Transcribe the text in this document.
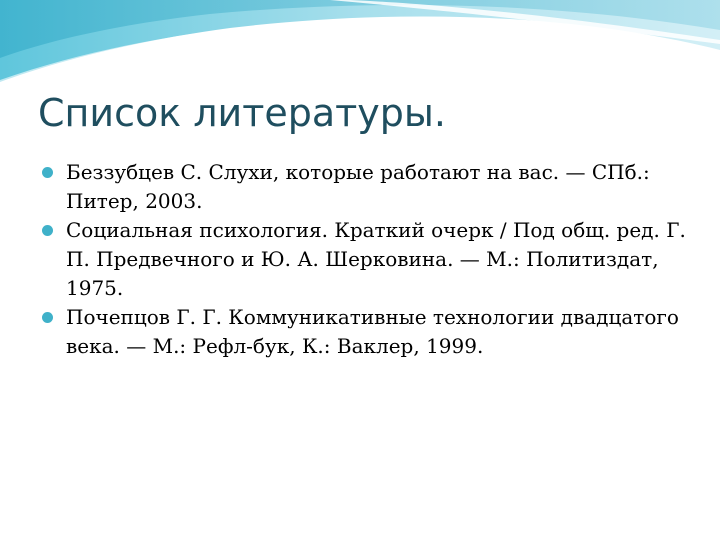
Список литературы.
Беззубцев С. Слухи, которые работают на вас. — СПб.: Питер, 2003.
Социальная психология. Краткий очерк / Под общ. ред. Г. П. Предвечного и Ю. А. Шерковина. — М.: Политиздат, 1975.
Почепцов Г. Г. Коммуникативные технологии двадцатого века. — М.: Рефл-бук, К.: Ваклер, 1999.
